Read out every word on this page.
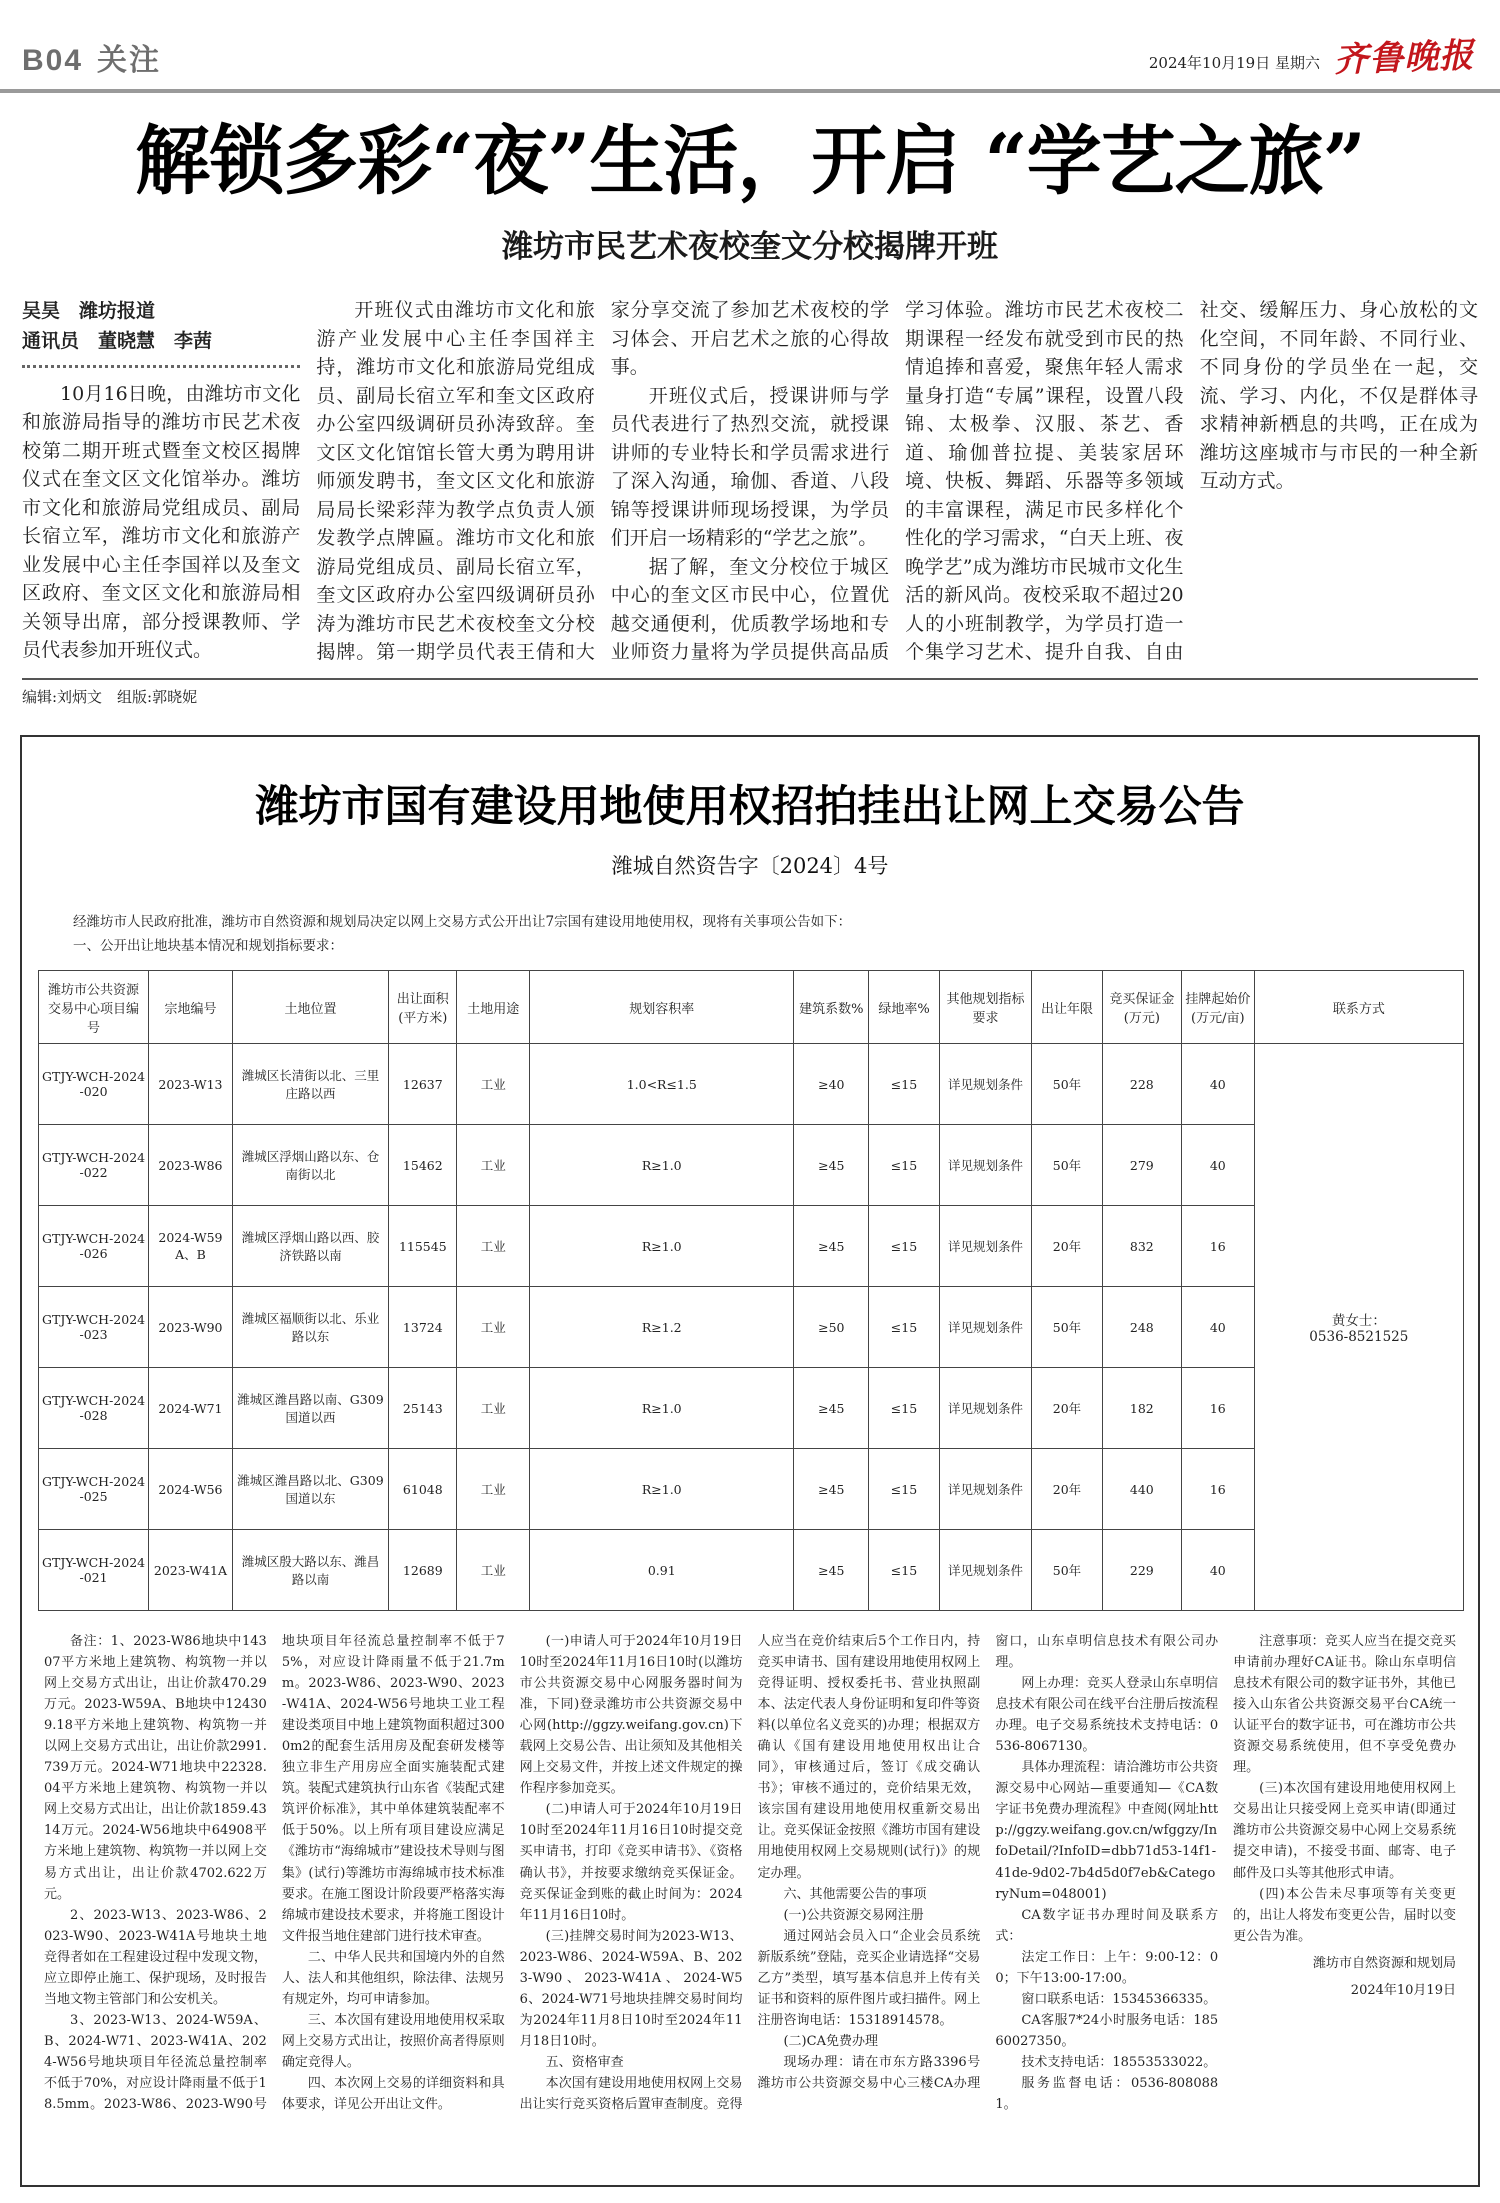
B04 关注	2024年10月19日 星期六 齐鲁晚报
解锁多彩“夜”生活，开启 “学艺之旅”
潍坊市民艺术夜校奎文分校揭牌开班
吴昊　潍坊报道
通讯员　董晓慧　李茜

10月16日晚，由潍坊市文化和旅游局指导的潍坊市民艺术夜校第二期开班式暨奎文校区揭牌仪式在奎文区文化馆举办。潍坊市文化和旅游局党组成员、副局长宿立军，潍坊市文化和旅游产业发展中心主任李国祥以及奎文区政府、奎文区文化和旅游局相关领导出席，部分授课教师、学员代表参加开班仪式。

开班仪式由潍坊市文化和旅游产业发展中心主任李国祥主持，潍坊市文化和旅游局党组成员、副局长宿立军和奎文区政府办公室四级调研员孙涛致辞。奎文区文化馆馆长管大勇为聘用讲师颁发聘书，奎文区文化和旅游局局长梁彩萍为教学点负责人颁发教学点牌匾。潍坊市文化和旅游局党组成员、副局长宿立军，奎文区政府办公室四级调研员孙涛为潍坊市民艺术夜校奎文分校揭牌。第一期学员代表王倩和大家分享交流了参加艺术夜校的学习体会、开启艺术之旅的心得故事。

开班仪式后，授课讲师与学员代表进行了热烈交流，就授课讲师的专业特长和学员需求进行了深入沟通，瑜伽、香道、八段锦等授课讲师现场授课，为学员们开启一场精彩的“学艺之旅”。

据了解，奎文分校位于城区中心的奎文区市民中心，位置优越交通便利，优质教学场地和专业师资力量将为学员提供高品质学习体验。潍坊市民艺术夜校二期课程一经发布就受到市民的热情追捧和喜爱，聚焦年轻人需求量身打造“专属”课程，设置八段锦、太极拳、汉服、茶艺、香道、瑜伽普拉提、美装家居环境、快板、舞蹈、乐器等多领域的丰富课程，满足市民多样化个性化的学习需求，“白天上班、夜晚学艺”成为潍坊市民城市文化生活的新风尚。夜校采取不超过20人的小班制教学，为学员打造一个集学习艺术、提升自我、自由社交、缓解压力、身心放松的文化空间，不同年龄、不同行业、不同身份的学员坐在一起，交流、学习、内化，不仅是群体寻求精神新栖息的共鸣，正在成为潍坊这座城市与市民的一种全新互动方式。

编辑:刘炳文　组版:郭晓妮
潍坊市国有建设用地使用权招拍挂出让网上交易公告
潍城自然资告字〔2024〕4号

经潍坊市人民政府批准，潍坊市自然资源和规划局决定以网上交易方式公开出让7宗国有建设用地使用权，现将有关事项公告如下：

一、公开出让地块基本情况和规划指标要求：

潍坊市公共资源交易中心项目编号	宗地编号	土地位置	出让面积(平方米)	土地用途	规划容积率	建筑系数%	绿地率%	其他规划指标要求	出让年限	竞买保证金(万元)	挂牌起始价(万元/亩)	联系方式
GTJY-WCH-2024-020	2023-W13	潍城区长清街以北、三里庄路以西	12637	工业	1.0<R≤1.5	≥40	≤15	详见规划条件	50年	228	40	黄女士：
0536-8521525

GTJY-WCH-2024-022	2023-W86	潍城区浮烟山路以东、仓南街以北	15462	工业	R≥1.0	≥45	≤15	详见规划条件	50年	279	40	
GTJY-WCH-2024-026	2024-W59A、B	潍城区浮烟山路以西、胶济铁路以南	115545	工业	R≥1.0	≥45	≤15	详见规划条件	20年	832	16	
GTJY-WCH-2024-023	2023-W90	潍城区福顺街以北、乐业路以东	13724	工业	R≥1.2	≥50	≤15	详见规划条件	50年	248	40	
GTJY-WCH-2024-028	2024-W71	潍城区潍昌路以南、G309国道以西	25143	工业	R≥1.0	≥45	≤15	详见规划条件	20年	182	16	
GTJY-WCH-2024-025	2024-W56	潍城区潍昌路以北、G309国道以东	61048	工业	R≥1.0	≥45	≤15	详见规划条件	20年	440	16	
GTJY-WCH-2024-021	2023-W41A	潍城区殷大路以东、潍昌路以南	12689	工业	0.91	≥45	≤15	详见规划条件	50年	229	40	

备注：1、2023-W86地块中14307平方米地上建筑物、构筑物一并以网上交易方式出让，出让价款470.29万元。2023-W59A、B地块中124309.18平方米地上建筑物、构筑物一并以网上交易方式出让，出让价款2991.739万元。2024-W71地块中22328.04平方米地上建筑物、构筑物一并以网上交易方式出让，出让价款1859.4314万元。2024-W56地块中64908平方米地上建筑物、构筑物一并以网上交易方式出让，出让价款4702.622万元。

2、2023-W13、2023-W86、2023-W90、2023-W41A号地块土地竞得者如在工程建设过程中发现文物，应立即停止施工、保护现场，及时报告当地文物主管部门和公安机关。

3、2023-W13、2024-W59A、B、2024-W71、2023-W41A、2024-W56号地块项目年径流总量控制率不低于70%，对应设计降雨量不低于18.5mm。2023-W86、2023-W90号地块项目年径流总量控制率不低于75%，对应设计降雨量不低于21.7mm。2023-W86、2023-W90、2023-W41A、2024-W56号地块工业工程建设类项目中地上建筑物面积超过3000m2的配套生活用房及配套研发楼等独立非生产用房应全面实施装配式建筑。装配式建筑执行山东省《装配式建筑评价标准》，其中单体建筑装配率不低于50%。以上所有项目建设应满足《潍坊市“海绵城市”建设技术导则与图集》(试行)等潍坊市海绵城市技术标准要求。在施工图设计阶段要严格落实海绵城市建设技术要求，并将施工图设计文件报当地住建部门进行技术审查。

二、中华人民共和国境内外的自然人、法人和其他组织，除法律、法规另有规定外，均可申请参加。

三、本次国有建设用地使用权采取网上交易方式出让，按照价高者得原则确定竞得人。

四、本次网上交易的详细资料和具体要求，详见公开出让文件。

(一)申请人可于2024年10月19日10时至2024年11月16日10时(以潍坊市公共资源交易中心网服务器时间为准，下同)登录潍坊市公共资源交易中心网(http://ggzy.weifang.gov.cn)下载网上交易公告、出让须知及其他相关网上交易文件，并按上述文件规定的操作程序参加竞买。

(二)申请人可于2024年10月19日10时至2024年11月16日10时提交竞买申请书，打印《竞买申请书》、《资格确认书》，并按要求缴纳竞买保证金。竞买保证金到账的截止时间为：2024年11月16日10时。

(三)挂牌交易时间为2023-W13、2023-W86、2024-W59A、B、2023-W90、2023-W41A、2024-W56、2024-W71号地块挂牌交易时间均为2024年11月8日10时至2024年11月18日10时。

五、资格审查

本次国有建设用地使用权网上交易出让实行竞买资格后置审查制度。竞得人应当在竞价结束后5个工作日内，持竞买申请书、国有建设用地使用权网上竞得证明、授权委托书、营业执照副本、法定代表人身份证明和复印件等资料(以单位名义竞买的)办理；根据双方确认《国有建设用地使用权出让合同》，审核通过后，签订《成交确认书》；审核不通过的，竞价结果无效，该宗国有建设用地使用权重新交易出让。竞买保证金按照《潍坊市国有建设用地使用权网上交易规则(试行)》的规定办理。

六、其他需要公告的事项

(一)公共资源交易网注册

通过网站会员入口“企业会员系统新版系统”登陆，竞买企业请选择“交易乙方”类型，填写基本信息并上传有关证书和资料的原件图片或扫描件。网上注册咨询电话：15318914578。

(二)CA免费办理

现场办理：请在市东方路3396号潍坊市公共资源交易中心三楼CA办理窗口，山东卓明信息技术有限公司办理。

网上办理：竞买人登录山东卓明信息技术有限公司在线平台注册后按流程办理。电子交易系统技术支持电话：0536-8067130。

具体办理流程：请洽潍坊市公共资源交易中心网站—重要通知—《CA数字证书免费办理流程》中查阅(网址http://ggzy.weifang.gov.cn/wfggzy/InfoDetail/?InfoID=dbb71d53-14f1-41de-9d02-7b4d5d0f7eb&CategoryNum=048001)

CA数字证书办理时间及联系方式：

法定工作日：上午：9:00-12：00；下午13:00-17:00。

窗口联系电话：15345366335。

CA客服7*24小时服务电话：18560027350。

技术支持电话：18553533022。

服务监督电话：0536-8080881。

注意事项：竞买人应当在提交竞买申请前办理好CA证书。除山东卓明信息技术有限公司的数字证书外，其他已接入山东省公共资源交易平台CA统一认证平台的数字证书，可在潍坊市公共资源交易系统使用，但不享受免费办理。

(三)本次国有建设用地使用权网上交易出让只接受网上竞买申请(即通过潍坊市公共资源交易中心网上交易系统提交申请)，不接受书面、邮寄、电子邮件及口头等其他形式申请。

(四)本公告未尽事项等有关变更的，出让人将发布变更公告，届时以变更公告为准。

潍坊市自然资源和规划局

2024年10月19日
